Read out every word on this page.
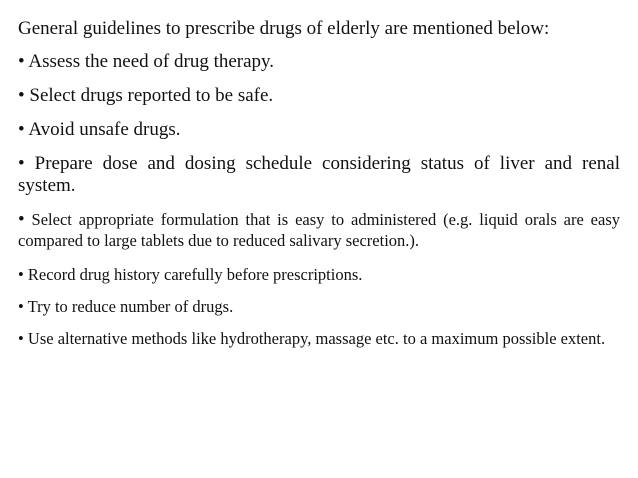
General guidelines to prescribe drugs of elderly are mentioned below:

• Assess the need of drug therapy.
• Select drugs reported to be safe.
• Avoid unsafe drugs.
• Prepare dose and dosing schedule considering status of liver and renal system.
• Select appropriate formulation that is easy to administered (e.g. liquid orals are easy compared to large tablets due to reduced salivary secretion.).
• Record drug history carefully before prescriptions.
• Try to reduce number of drugs.
• Use alternative methods like hydrotherapy, massage etc. to a maximum possible extent.
